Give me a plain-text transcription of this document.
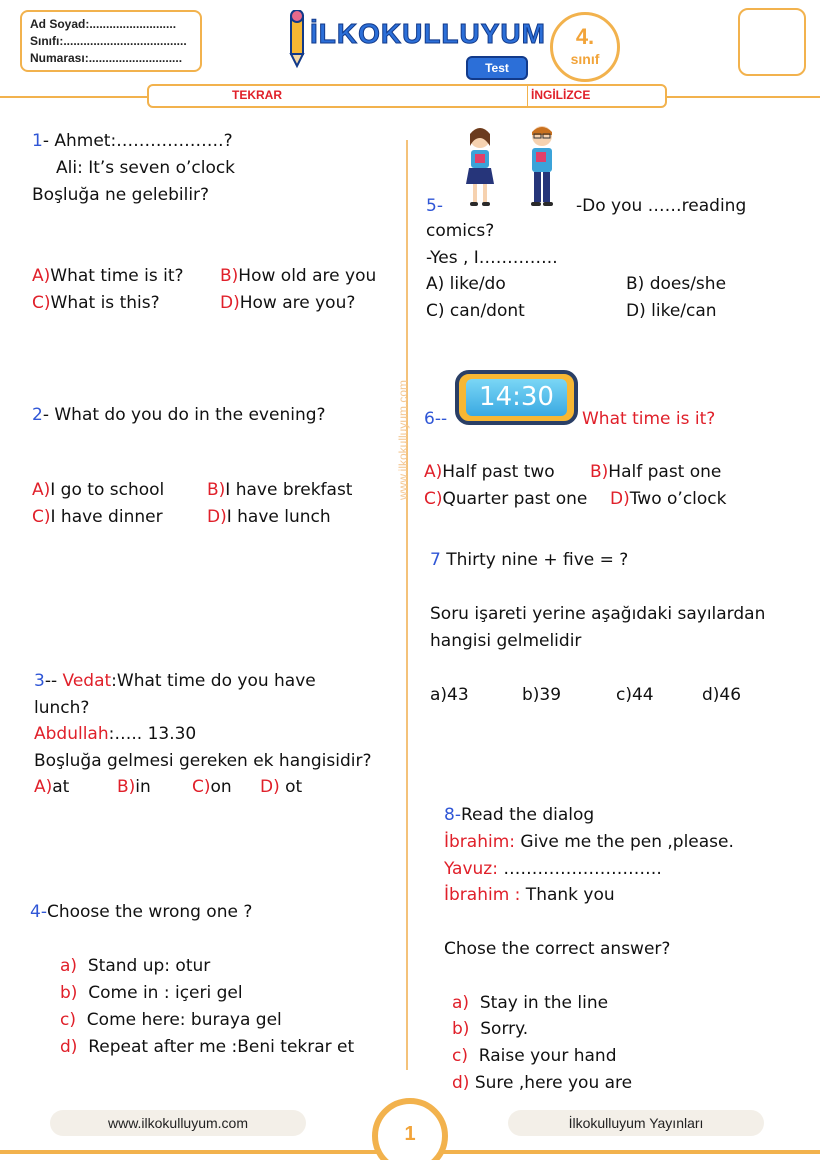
Ad Soyad:..........................
Sınıfı:.....................................
Numarası:............................
İLKOKULLUYUM
Test
4.
sınıf
TEKRAR	İNGİLİZCE
www.ilkokulluyum.com
1- Ahmet:……………….?
Ali: It’s seven o’clock
Boşluğa ne gelebilir?
A)What time is it? B)How old are you
C)What is this?	D)How are you?
2- What do you do in the evening?
A)I go to school	B)I have brekfast
C)I have dinner	D)I have lunch
3-- Vedat:What time do you have
lunch?
Abdullah:….. 13.30
Boşluğa gelmesi gereken ek hangisidir?
A)at	B)in C)on D) ot
4-Choose the wrong one ?
a) Stand up: otur
b) Come in : içeri gel
c) Come here: buraya gel
d) Repeat after me :Beni tekrar et
5-	-Do you ……reading
comics?
-Yes , I…………..
A) like/do	B) does/she
C) can/dont	D) like/can
6--
14:30
What time is it?
A)Half past two B)Half past one
C)Quarter past one D)Two o’clock
7 Thirty nine + five = ?
Soru işareti yerine aşağıdaki sayılardan
hangisi gelmelidir
a)43	b)39	c)44	d)46
8-Read the dialog
İbrahim: Give me the pen ,please.
Yavuz: ……………………….
İbrahim : Thank you
Chose the correct answer?
a) Stay in the line
b) Sorry.
c) Raise your hand
d) Sure ,here you are
www.ilkokulluyum.com	İlkokulluyum Yayınları
1
